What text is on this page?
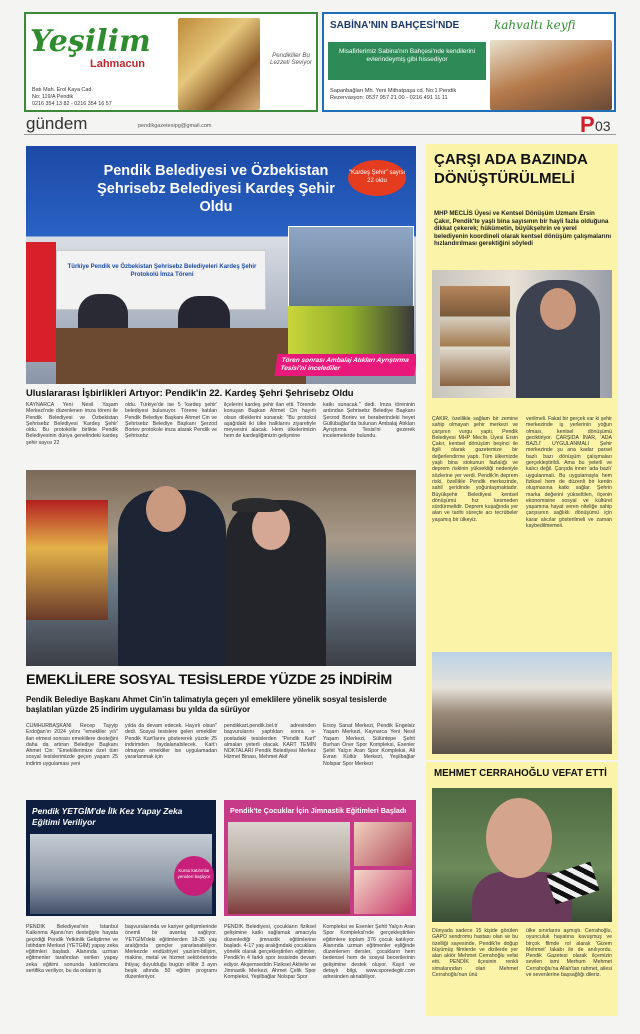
Yeşilim
Lahmacun
Batı Mah. Erol Kaya Cad.
No: 119/A Pendik
0216 354 13 82 - 0216 354 16 57
Pendikliler Bu Lezzeti Seviyor
SABİNA'NIN BAHÇESİ'NDE	kahvaltı keyfi
Misafirlerimiz Sabina'nın Bahçesi'nde kendilerini evlerindeymiş gibi hissediyor
Sapanbağları Mh. Yeni Mithatpaşa cd. No:1 Pendik
Rezervasyon: 0537 957 21 00 - 0216 491 11 11
gündem	pendikgazetesipg@gmail.com	P 03
Pendik Belediyesi ve Özbekistan Şehrisebz Belediyesi Kardeş Şehir Oldu
"Kardeş Şehir" sayısı 22 oldu
Türkiye Pendik ve Özbekistan Şehrisebz Belediyeleri Kardeş Şehir Protokolü İmza Töreni
Tören sonrası Ambalaj Atıkları Ayrıştırma Tesisi'ni incelediler
Uluslararası İşbirlikleri Artıyor: Pendik'in 22. Kardeş Şehri Şehrisebz Oldu
KAYNARCA Yeni Nesil Yaşam Merkezi'nde düzenlenen imza töreni ile Pendik Belediyesi ve Özbekistan Şehrisebz Belediyesi 'Kardeş Şehir' oldu. Bu protokolle birlikte Pendik Belediyesinin dünya genelindeki kardeş şehir sayısı 22
oldu. Türkiye'de ise 5 'kardeş şehir' belediyesi bulunuyor. Törene katılan Pendik Belediye Başkanı Ahmet Cin ve Şehrisebz Belediye Başkanı Şerzod Boriev protokole imza atarak Pendik ve Şehrisebz
ilçelerini kardeş şehir ilan etti. Törende konuşan Başkan Ahmet Cin hayırlı olsun dileklerini sunarak: "Bu protokol aşağıdaki iki ülke halklarını ziyaretiyle meyvesini alacak. Hem ülkelerimizin hem de kardeşliğimizin gelişmine
katkı sunacak." dedi. İmza töreninin ardından Şehrisebz Belediye Başkanı Şerzod Boriev ve beraberindeki heyet Güllübağlar'da bulunan Ambalaj Atıkları Ayrıştırma Tesisi'ni gezerek incelemelerde bulundu.
EMEKLİLERE SOSYAL TESİSLERDE YÜZDE 25 İNDİRİM
Pendik Belediye Başkanı Ahmet Cin'in talimatıyla geçen yıl emeklilere yönelik sosyal tesislerde başlatılan yüzde 25 indirim uygulaması bu yılda da sürüyor
CUMHURBAŞKANI Recep Tayyip Erdoğan'ın 2024 yılını "emekliler yılı" ilan etmesi sonrası emeklilere desteğini daha da artıran Belediye Başkanı Ahmet Cin: "Emeklilerimize özel tüm sosyal tesislerimizde geçen yaşam 25 indirim uygulaması yeni
yılda da devam edecek. Hayırlı olsun" dedi. Sosyal tesislere gelen emekliler Pendik Kart'larını göstererek yüzde 25 indirimden faydalanabilecek. Kart'ı olmayan emekliler ise uygulamadan yararlanmak için
pendikkart.pendik.bel.tr adresinden başvurularını yaptıktan sonra e-postadaki tesislerden "Pendik Kart" almaları yeterli olacak. KART TEMİN NOKTALARI Pendik Belediyesi Merkez Hizmet Binası, Mehmet Akif
Ersoy Sanat Merkezi, Pendik Engelsiz Yaşam Merkezi, Kaynarca Yeni Nesil Yaşam Merkezi, Sülüntepe Şehit Burhan Öner Spor Kompleksi, Esenler Şehit Yalçın Aran Spor Kompleksi, Ali Evran Kültür Merkezi, Yeşilbağlar Nolspar Spor Merkezi
Pendik YETGİM'de İlk Kez Yapay Zeka Eğitimi Veriliyor
Kursa katılımlar yeniden başlıyor
PENDİK Belediyesi'nin İstanbul Kalkınma Ajansı'nın desteğiyle hayata geçirdiği Pendik Yetkinlik Geliştirme ve İstihdam Merkezi (YETGİM) yapay zeka eğitimleri başladı. Alanında uzman eğitmenler tarafından verilen yapay zeka eğitimi sonunda katılımcılara sertifika veriliyor, bu da onların iş
başvurularında ve kariyer gelişimlerinde önemli bir avantaj sağlıyor. YETGİM'deki eğitimlerden 18-35 yaş aralığında gençler yararlanabiliyor. Merkezde endüstriyel yazılım-bilişim, makine, metal ve hizmet sektörlerinde ihtiyaç duyulduğu bugün ellibir 3 ayın beşik altında 50 eğitim programı düzenleniyor.
Pendik'te Çocuklar İçin Jimnastik Eğitimleri Başladı
PENDİK Belediyesi, çocukların fiziksel gelişimine katkı sağlamak amacıyla düzenlediği jimnastik eğitimlerine başladı. 4-17 yaş aralığındaki çocuklara yönelik olarak gerçekleştirilen eğitimler, Pendik'in 4 farklı spor tesisinde devam ediyor. Akşemseddin Fiziksel Aktivite ve Jimnastik Merkezi, Ahmet Çelik Spor Kompleksi, Yeşilbağlar Nolspar Spor
Kompleksi ve Esenler Şehit Yalçın Aran Spor Kompleksi'nde gerçekleştirilen eğitimlere toplam 376 çocuk katılıyor. Alanında uzman eğitmenler eşliğinde düzenlenen dersler, çocukların hem bedensel hem de sosyal becerilerinin gelişimine destek oluyor. Kayıt ve detaylı bilgi, www.sporedegiir.com adresinden alınabiliyor.
ÇARŞI ADA BAZINDA DÖNÜŞTÜRÜLMELİ
MHP MECLİS Üyesi ve Kentsel Dönüşüm Uzmanı Ersin Çakır, Pendik'te yaşlı bina sayısının bir hayli fazla olduğuna dikkat çekerek; hükümetin, büyükşehrin ve yerel belediyenin koordineli olarak kentsel dönüşüm çalışmalarını hızlandırılması gerektiğini söyledi
ÇAKIR, özellikle sağlam bir zemine sahip olmayan şehir merkezi ve çarşının vurgu yaptı. Pendik Belediyesi MHP Meclis Üyesi Ersin Çakır, kentsel dönüşüm beşinci ile ilgili olarak gazetemize bir değerlendirme yaptı. Tüm ülkemizde yaşlı bina stokunun fazlalığı ve deprem riskinin yüksekliği nedeniyle sözlerine yer verdi. Pendik'in deprem riski, özellikle Pendik merkezinde, sahil şeridinde yoğunlaşmaktadır. Büyükşehir Belediyesi kentsel dönüşümü hız kesmeden sürdürmelidir. Deprem kuşağında yer alan ve tarihi süreçte acı tecrübeler yaşamış bir ülkeyiz.
verilmeli. Fakat bir gerçek var ki şehir merkezinde iş yerlerinin yoğun olması, kentsel dönüşümü geciktiriyor. ÇARŞIDA İNAR, 'ADA BAZLI' UYGULANMALI Şehir merkezinde şu ana kadar parsel bazlı bazı dönüşüm çalışmaları gerçekleştirildi. Ama bu yeterli ve kalıcı değil. Çarşıda inner 'ada bazlı' uygulanmalı. Bu uygulamayla hem fiziksel hem de düzenli bir kentin oluşmasına katkı sağlar. Şehrin marka değerini yükseltilen, ilçenin ekonomisine sosyal ve kültürel yaşamına hayat veren niteliğe sahip çarşısının sağlıklı dönüşümü için karar alıcılar gösterilmeli ve zaman kaybedilmemeli.
MEHMET CERRAHOĞLU VEFAT ETTİ
Dünyada sadece 15 kişide görülen GAPO sendromu hastası olan ve bu özelliği sayesinde, Pendik'te doğup büyümüş filmlerde ve dizilerde yer alan aktör Mehmet Cerrahoğlu vefat etti. PENDİK ilçesinin renkli simalarından olan Mehmet Cerrahoğlu'nun ünü
ülke sınırlarını aşmıştı. Cerrahoğlu, oyunculuk hayatına kavuşmuş ve birçok filmde rol alarak 'Gizem Mehmet' lakabı ile de anılıyordu. Pendik Gazetesi olarak ilçemizin sevilen ismi Merhum Mehmet Cerrahoğlu'na Allah'tan rahmet, ailesi ve sevenlerine başsağlığı dileriz.
